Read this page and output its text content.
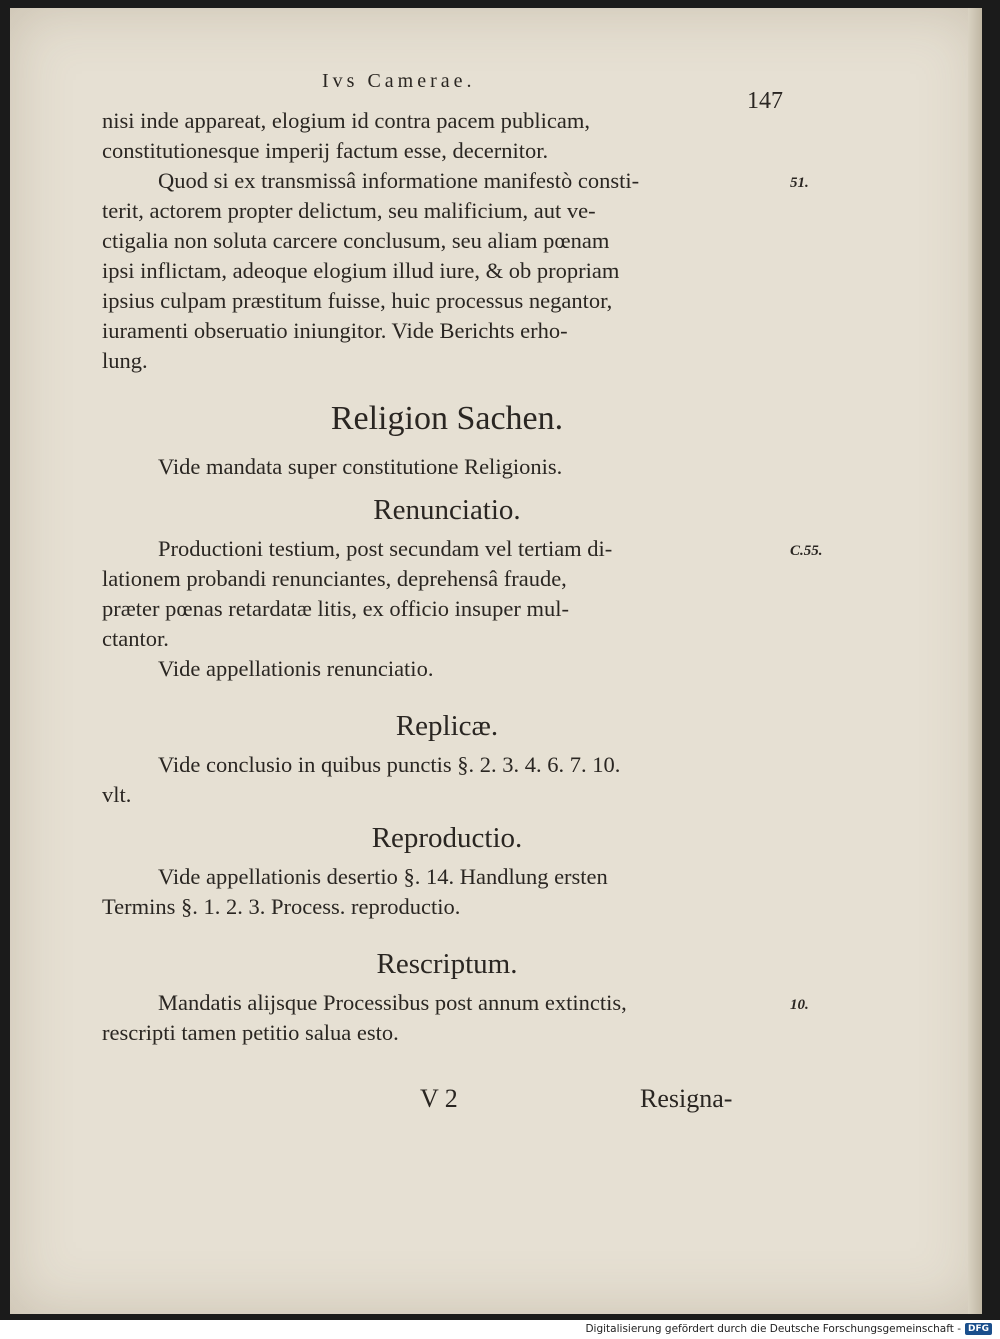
Ivs Camerae.
147
nisi inde appareat, elogium id contra pacem publicam,
constitutionesque imperij factum esse, decernitor.
Quod si ex transmissâ informatione manifestò consti-	51.
terit, actorem propter delictum, seu malificium, aut ve-
ctigalia non soluta carcere conclusum, seu aliam pœnam
ipsi inflictam, adeoque elogium illud iure, & ob propriam
ipsius culpam præstitum fuisse, huic processus negantor,
iuramenti obseruatio iniungitor. Vide Berichts erho-
lung.
Religion Sachen.
Vide mandata super constitutione Religionis.
Renunciatio.
Productioni testium, post secundam vel tertiam di-	C.55.
lationem probandi renunciantes, deprehensâ fraude,
præter pœnas retardatæ litis, ex officio insuper mul-
ctantor.
Vide appellationis renunciatio.
Replicæ.
Vide conclusio in quibus punctis §. 2. 3. 4. 6. 7. 10.
vlt.
Reproductio.
Vide appellationis desertio §. 14. Handlung ersten
Termins §. 1. 2. 3. Process. reproductio.
Rescriptum.
Mandatis alijsque Processibus post annum extinctis,	10.
rescripti tamen petitio salua esto.
V 2	Resigna-
Digitalisierung gefördert durch die Deutsche Forschungsgemeinschaft - DFG
